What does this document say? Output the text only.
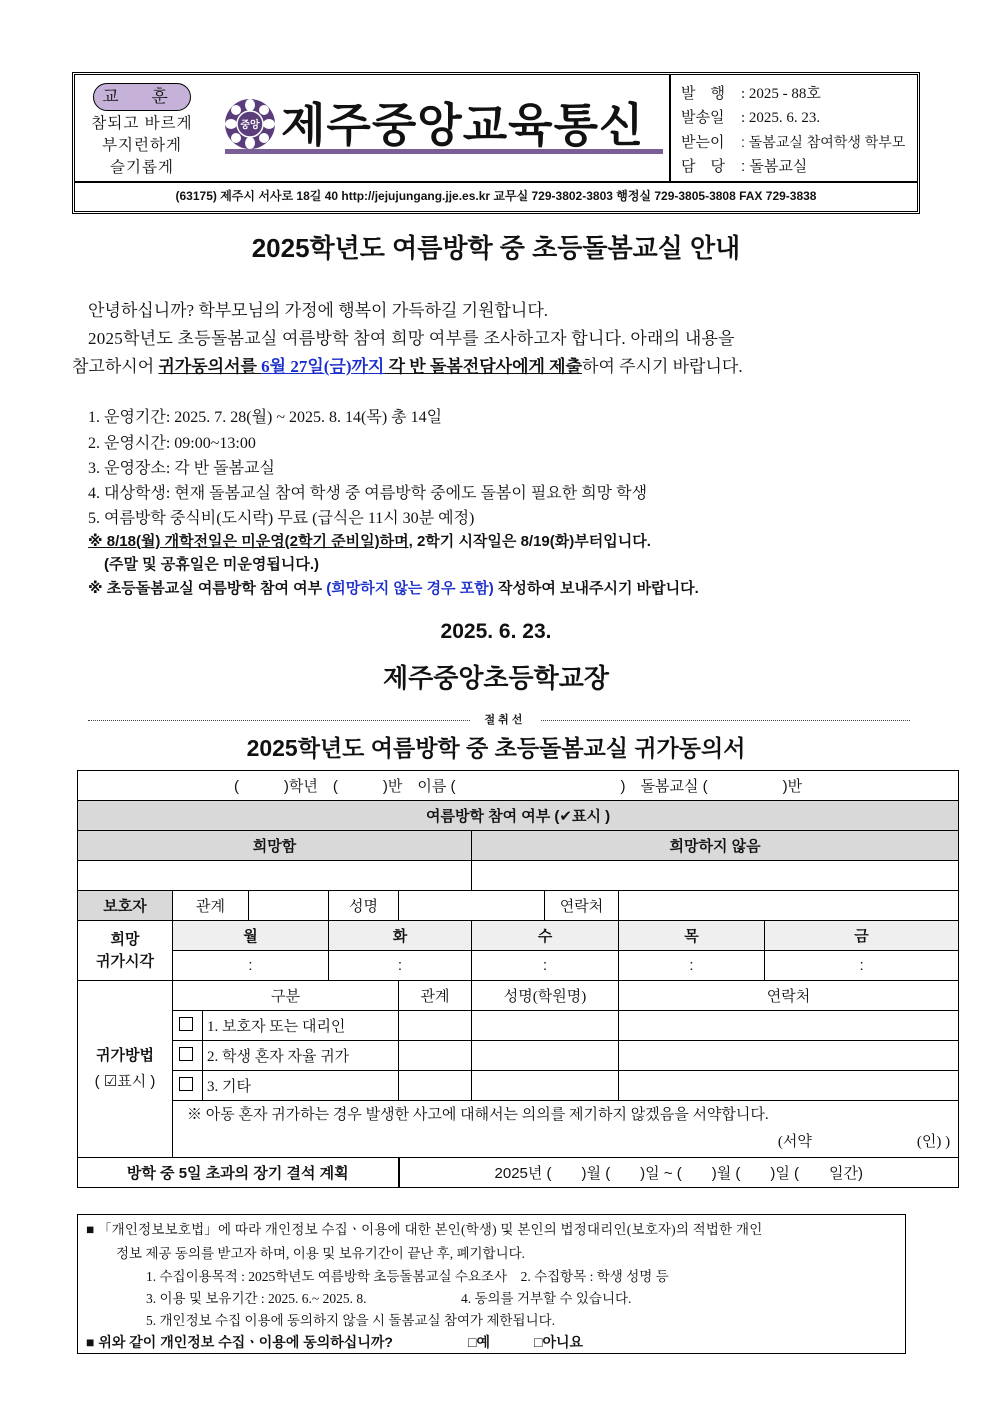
교 훈
참되고 바르게
부지런하게
슬기롭게
중앙 제주중앙교육통신
발　행 : 2025 - 88호
발송일 : 2025. 6. 23.
받는이 : 돌봄교실 참여학생 학부모
담　당 : 돌봄교실
(63175) 제주시 서사로 18길 40 http://jejujungang.jje.es.kr 교무실 729-3802-3803 행정실 729-3805-3808 FAX 729-3838
2025학년도 여름방학 중 초등돌봄교실 안내
안녕하십니까? 학부모님의 가정에 행복이 가득하길 기원합니다.
2025학년도 초등돌봄교실 여름방학 참여 희망 여부를 조사하고자 합니다. 아래의 내용을
참고하시어 귀가동의서를 6월 27일(금)까지 각 반 돌봄전담사에게 제출하여 주시기 바랍니다.
1. 운영기간: 2025. 7. 28(월) ~ 2025. 8. 14(목) 총 14일
2. 운영시간: 09:00~13:00
3. 운영장소: 각 반 돌봄교실
4. 대상학생: 현재 돌봄교실 참여 학생 중 여름방학 중에도 돌봄이 필요한 희망 학생
5. 여름방학 중식비(도시락) 무료 (급식은 11시 30분 예정)
※ 8/18(월) 개학전일은 미운영(2학기 준비일)하며, 2학기 시작일은 8/19(화)부터입니다.
(주말 및 공휴일은 미운영됩니다.)
※ 초등돌봄교실 여름방학 참여 여부 (희망하지 않는 경우 포함) 작성하여 보내주시기 바랍니다.
2025. 6. 23.
제주중앙초등학교장
절취선
2025학년도 여름방학 중 초등돌봄교실 귀가동의서
(　　　)학년　(　　　)반　이름 (　　　　　　　　　　　)　돌봄교실 (　　　　　)반									
여름방학 참여 여부 (✔표시 )									
희망함						희망하지 않음			

보호자	관계			성명			연락처		

희망
귀가시각	월			화		수		목	금
	:			:		:		:	:

귀가방법
( ☑표시 )	구분				관계	성명(학원명)		연락처	
		1. 보호자 또는 대리인							
		2. 학생 혼자 자율 귀가							
		3. 기타							

	※ 아동 혼자 귀가하는 경우 발생한 사고에 대해서는 의의를 제기하지 않겠음을 서약합니다.
(서약　　　　　　　(인) )								

방학 중 5일 초과의 장기 결석 계획					2025년 (　　)월 (　　)일 ~ (　　)월 (　　)일 (　　일간)				
■ 「개인정보보호법」에 따라 개인정보 수집ㆍ이용에 대한 본인(학생) 및 본인의 법정대리인(보호자)의 적법한 개인
정보 제공 동의를 받고자 하며, 이용 및 보유기간이 끝난 후, 폐기합니다.
1. 수집이용목적 : 2025학년도 여름방학 초등돌봄교실 수요조사　2. 수집항목 : 학생 성명 등
3. 이용 및 보유기간 : 2025. 6.~ 2025. 8.　　　　　　　4. 동의를 거부할 수 있습니다.
5. 개인정보 수집 이용에 동의하지 않을 시 돌봄교실 참여가 제한됩니다.
■ 위와 같이 개인정보 수집ㆍ이용에 동의하십니까?	□예	□아니요
